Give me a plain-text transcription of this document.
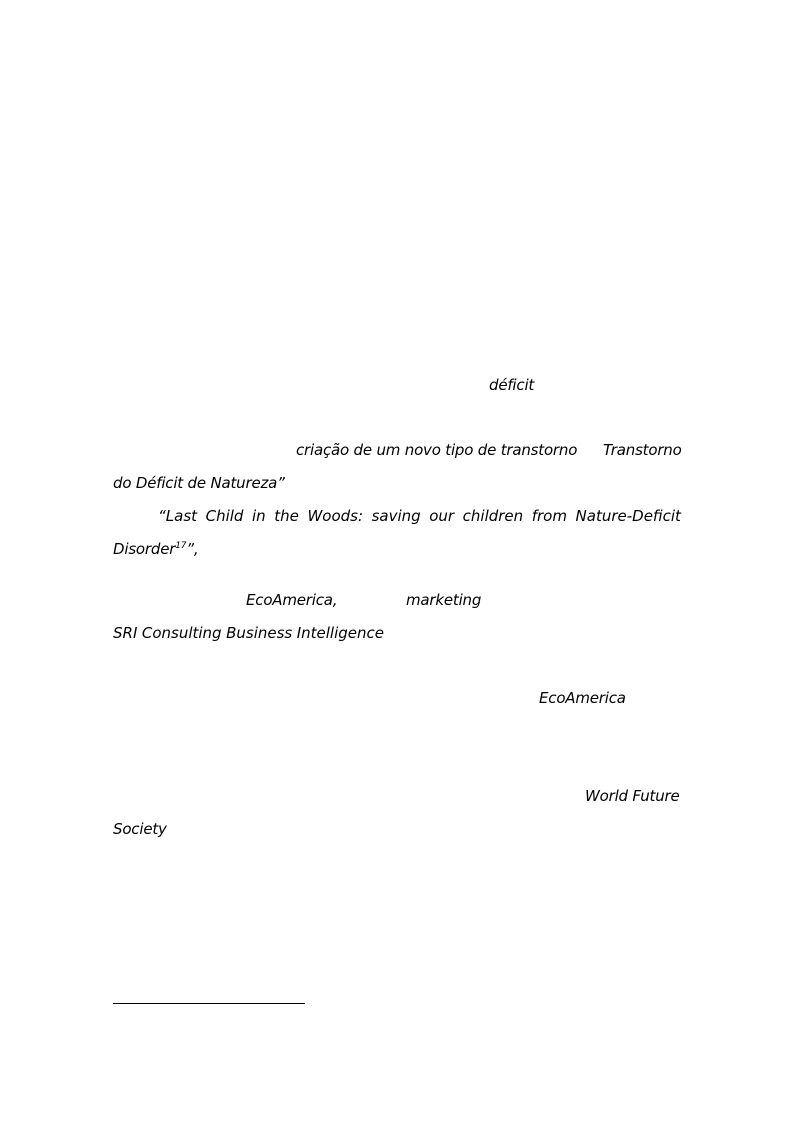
déficit
criação de um novo tipo de transtorno Transtorno
do Déficit de Natureza”
“Last Child in the Woods: saving our children from Nature-Deficit
Disorder$^{17}$”,
EcoAmerica,	marketing
SRI Consulting Business Intelligence
EcoAmerica
World Future
Society
